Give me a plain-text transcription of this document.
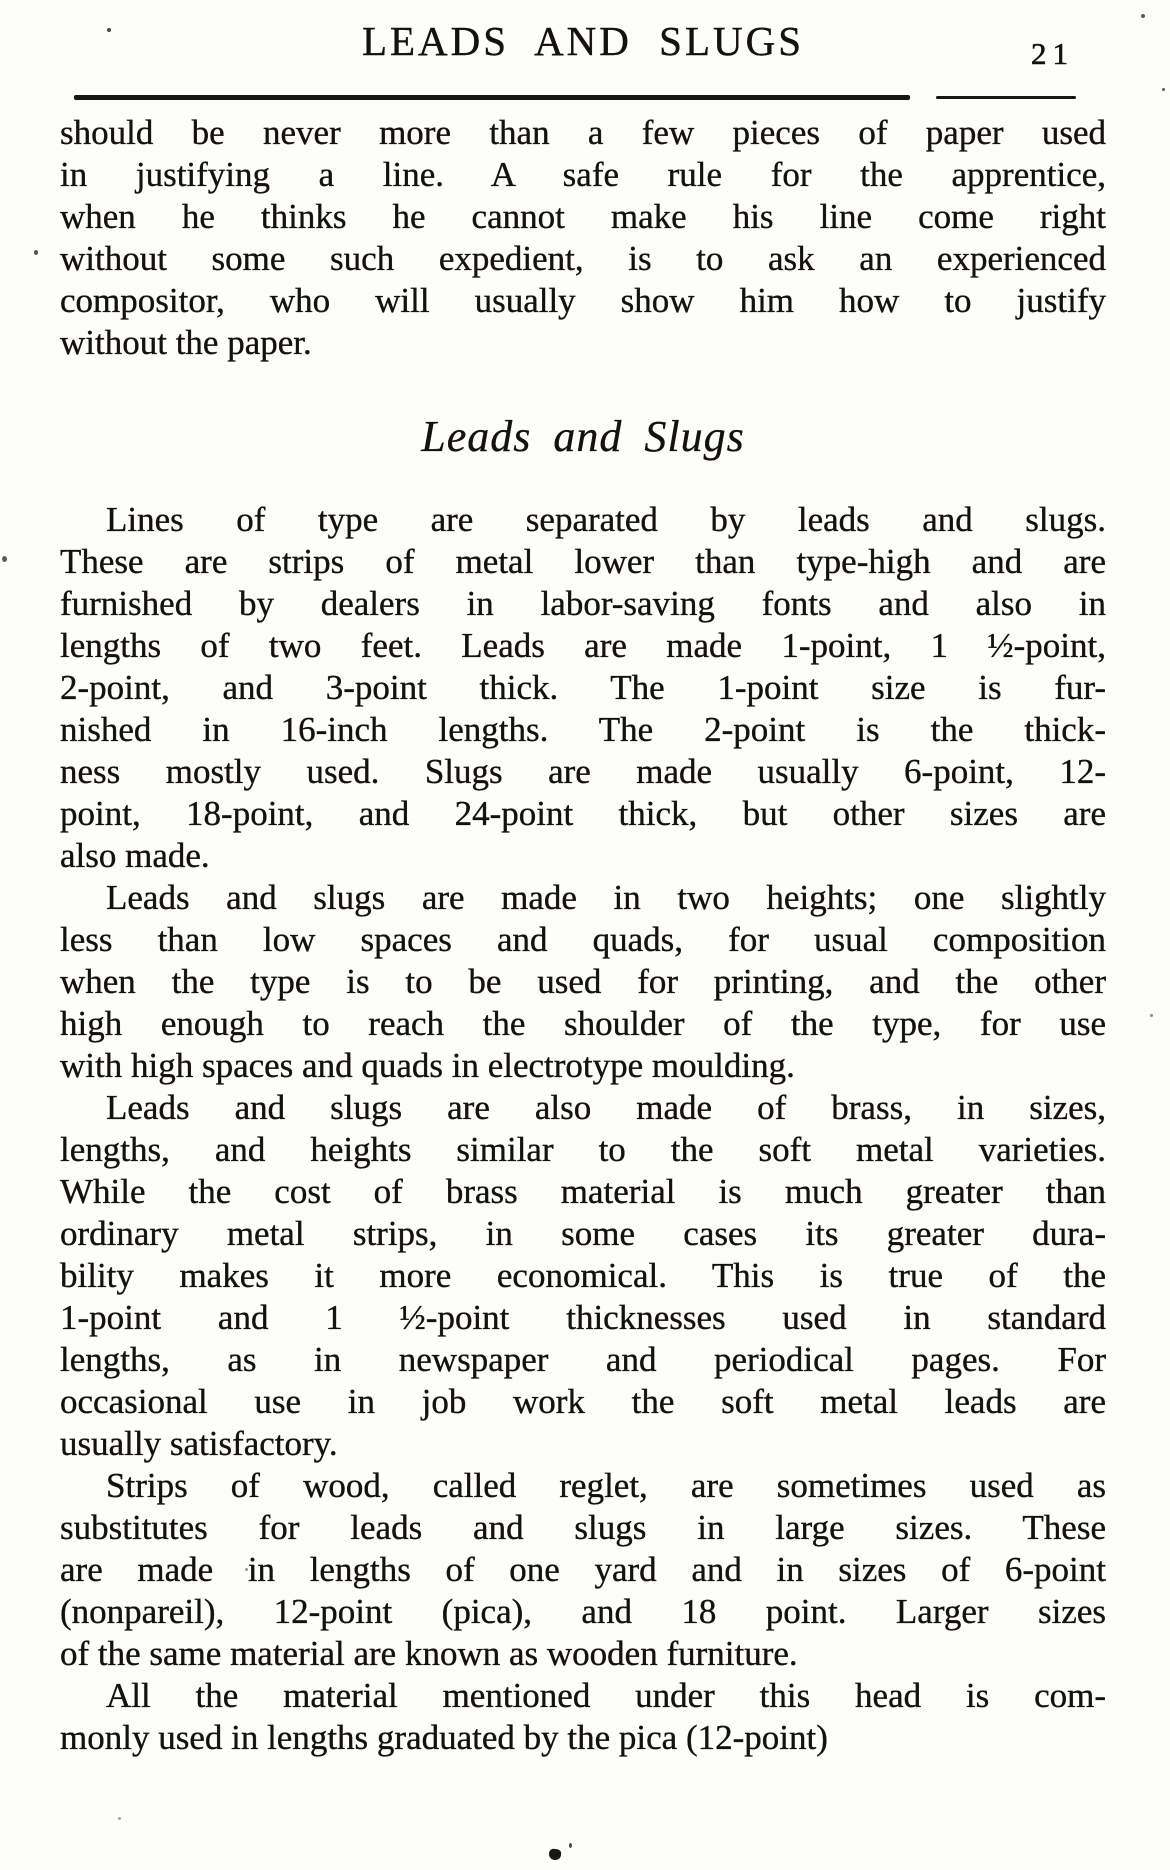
LEADS AND SLUGS	21
should be never more than a few pieces of paper used
in justifying a line. A safe rule for the apprentice,
when he thinks he cannot make his line come right
without some such expedient, is to ask an experienced
compositor, who will usually show him how to justify
without the paper.
Leads and Slugs
Lines of type are separated by leads and slugs.
These are strips of metal lower than type-high and are
furnished by dealers in labor-saving fonts and also in
lengths of two feet. Leads are made 1-point, 1 ½-point,
2-point, and 3-point thick. The 1-point size is fur-
nished in 16-inch lengths. The 2-point is the thick-
ness mostly used. Slugs are made usually 6-point, 12-
point, 18-point, and 24-point thick, but other sizes are
also made.
Leads and slugs are made in two heights; one slightly
less than low spaces and quads, for usual composition
when the type is to be used for printing, and the other
high enough to reach the shoulder of the type, for use
with high spaces and quads in electrotype moulding.
Leads and slugs are also made of brass, in sizes,
lengths, and heights similar to the soft metal varieties.
While the cost of brass material is much greater than
ordinary metal strips, in some cases its greater dura-
bility makes it more economical. This is true of the
1-point and 1 ½-point thicknesses used in standard
lengths, as in newspaper and periodical pages. For
occasional use in job work the soft metal leads are
usually satisfactory.
Strips of wood, called reglet, are sometimes used as
substitutes for leads and slugs in large sizes. These
are made in lengths of one yard and in sizes of 6-point
(nonpareil), 12-point (pica), and 18 point. Larger sizes
of the same material are known as wooden furniture.
All the material mentioned under this head is com-
monly used in lengths graduated by the pica (12-point)
